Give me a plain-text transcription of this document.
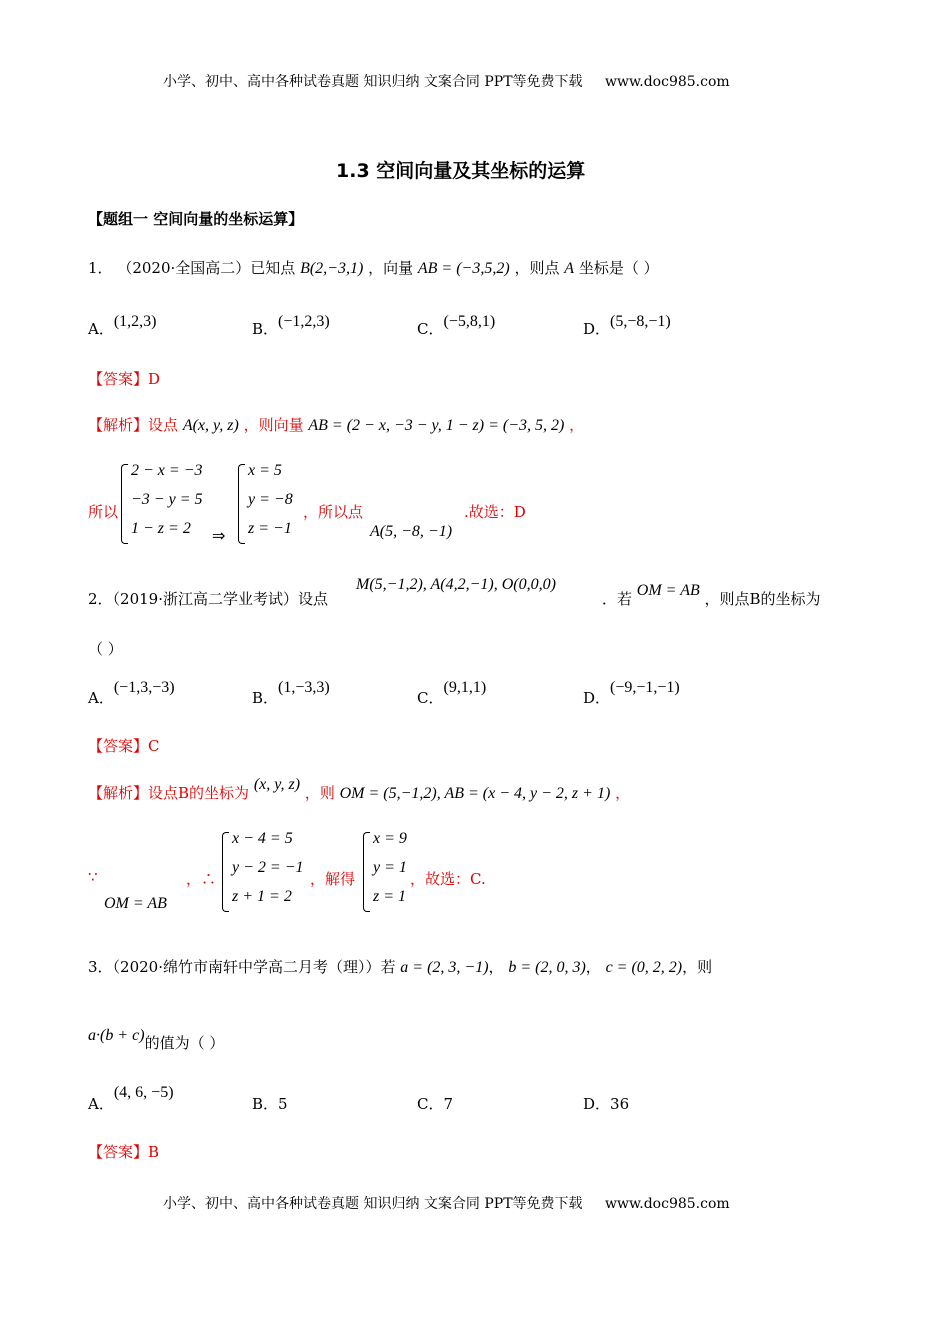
小学、初中、高中各种试卷真题 知识归纳 文案合同 PPT等免费下载 www.doc985.com
1.3 空间向量及其坐标的运算
【题组一 空间向量的坐标运算】
1． （2020·全国高二）已知点 B(2,−3,1) ，向量 AB = (−3,5,2) ，则点 A 坐标是（ ）
A．(1,2,3)	B．(−1,2,3)	C．(−5,8,1)	D．(5,−8,−1)
【答案】D
【解析】设点 A(x, y, z) ，则向量 AB = (2 − x, −3 − y, 1 − z) = (−3, 5, 2) ，
所以
2 − x = −3
−3 − y = 5
1 − z = 2 ⇒
x = 5
y = −8
z = −1
，所以点
A(5, −8, −1)
.故选：D
2．（2019·浙江高二学业考试）设点
M(5,−1,2), A(4,2,−1), O(0,0,0)
．若 OM = AB ，则点B的坐标为
（ ）
A．(−1,3,−3)
B．(1,−3,3)
C．(9,1,1)
D．(−9,−1,−1)
【答案】C
【解析】设点B的坐标为 (x, y, z) ，则 OM = (5,−1,2), AB = (x − 4, y − 2, z + 1) ，
∵
OM = AB
，∴
x − 4 = 5
y − 2 = −1
z + 1 = 2
，解得
x = 9
y = 1
z = 1
，故选：C.
3．（2020·绵竹市南轩中学高二月考（理））若 a = (2, 3, −1)， b = (2, 0, 3)， c = (0, 2, 2)，则
a·(b + c)的值为（ ）
A．(4, 6, −5)
B．5	C．7	D．36
【答案】B
小学、初中、高中各种试卷真题 知识归纳 文案合同 PPT等免费下载 www.doc985.com
